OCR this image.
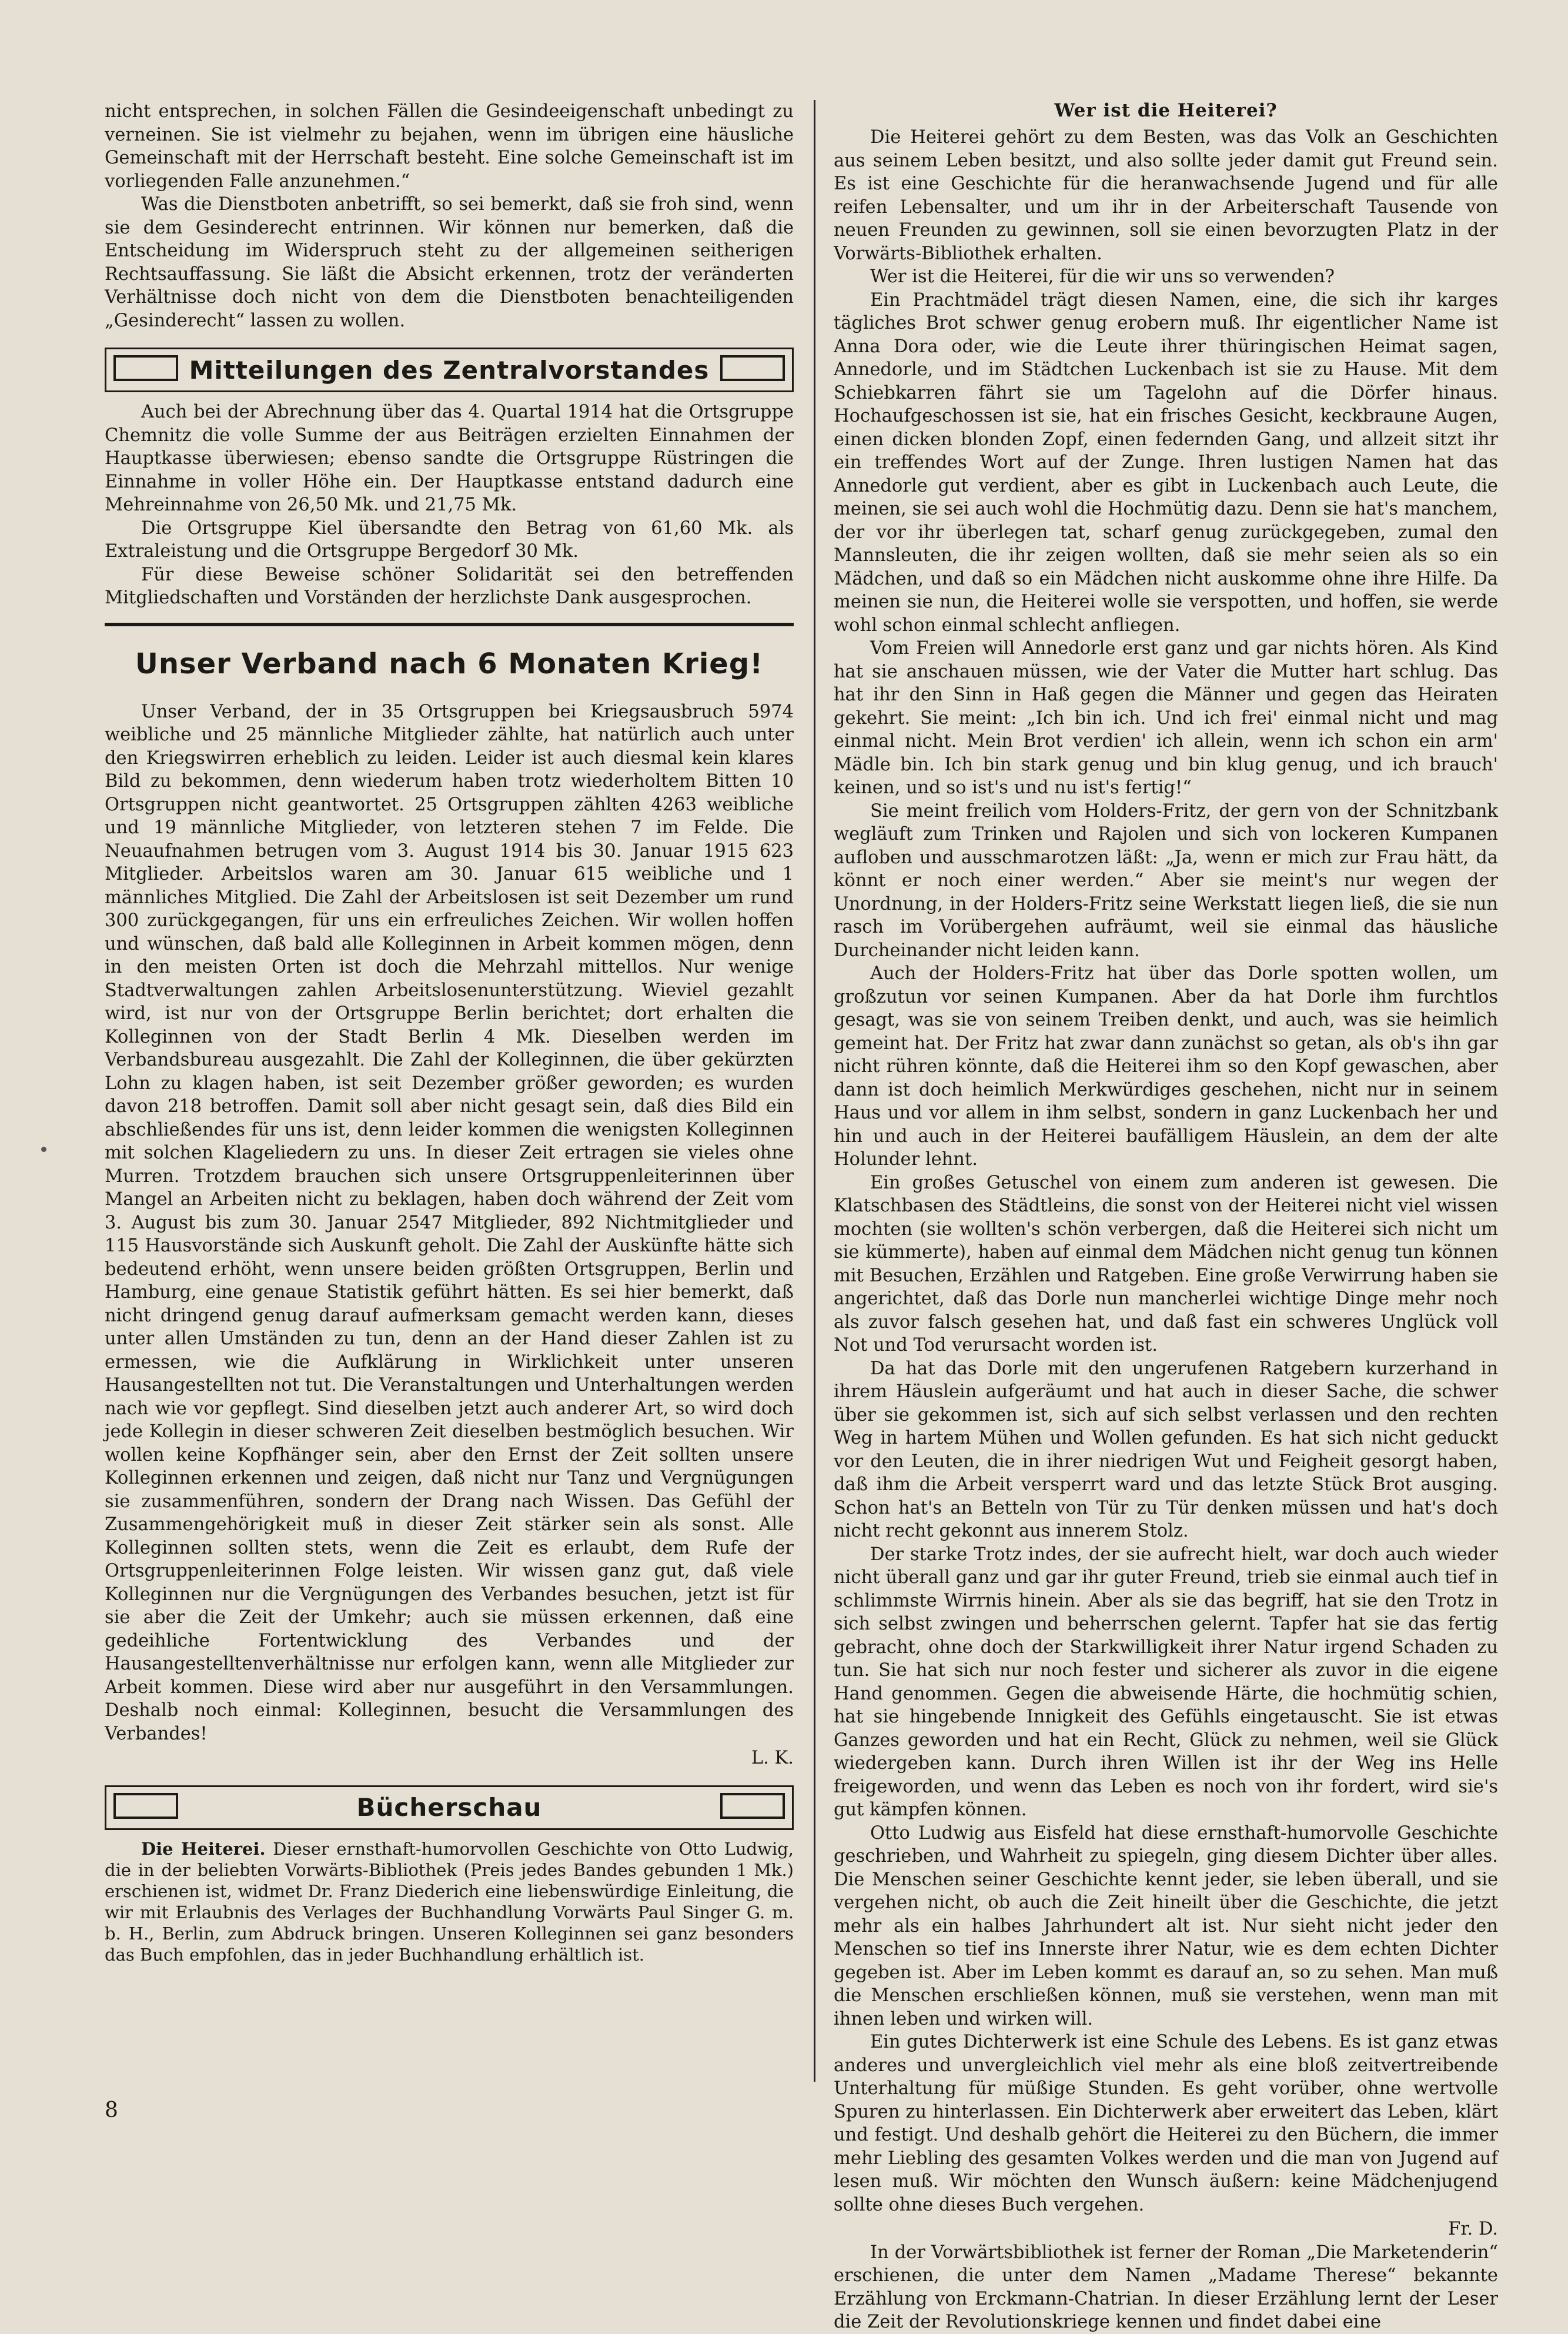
nicht entsprechen, in solchen Fällen die Gesindeeigenschaft unbedingt zu verneinen. Sie ist vielmehr zu bejahen, wenn im übrigen eine häusliche Gemeinschaft mit der Herrschaft besteht. Eine solche Gemeinschaft ist im vorliegenden Falle anzunehmen.“

Was die Dienstboten anbetrifft, so sei bemerkt, daß sie froh sind, wenn sie dem Gesinderecht entrinnen. Wir können nur bemerken, daß die Entscheidung im Widerspruch steht zu der allgemeinen seitherigen Rechtsauffassung. Sie läßt die Absicht erkennen, trotz der veränderten Verhältnisse doch nicht von dem die Dienstboten benachteiligenden „Gesinderecht“ lassen zu wollen.

Mitteilungen des Zentralvorstandes

Auch bei der Abrechnung über das 4. Quartal 1914 hat die Ortsgruppe Chemnitz die volle Summe der aus Beiträgen erzielten Einnahmen der Hauptkasse überwiesen; ebenso sandte die Ortsgruppe Rüstringen die Einnahme in voller Höhe ein. Der Hauptkasse entstand dadurch eine Mehreinnahme von 26,50 Mk. und 21,75 Mk.

Die Ortsgruppe Kiel übersandte den Betrag von 61,60 Mk. als Extraleistung und die Ortsgruppe Bergedorf 30 Mk.

Für diese Beweise schöner Solidarität sei den betreffenden Mitgliedschaften und Vorständen der herzlichste Dank ausgesprochen.

Unser Verband nach 6 Monaten Krieg!

Unser Verband, der in 35 Ortsgruppen bei Kriegsausbruch 5974 weibliche und 25 männliche Mitglieder zählte, hat natürlich auch unter den Kriegswirren erheblich zu leiden. Leider ist auch diesmal kein klares Bild zu bekommen, denn wiederum haben trotz wiederholtem Bitten 10 Ortsgruppen nicht geantwortet. 25 Ortsgruppen zählten 4263 weibliche und 19 männliche Mitglieder, von letzteren stehen 7 im Felde. Die Neuaufnahmen betrugen vom 3. August 1914 bis 30. Januar 1915 623 Mitglieder. Arbeitslos waren am 30. Januar 615 weibliche und 1 männliches Mitglied. Die Zahl der Arbeitslosen ist seit Dezember um rund 300 zurückgegangen, für uns ein erfreuliches Zeichen. Wir wollen hoffen und wünschen, daß bald alle Kolleginnen in Arbeit kommen mögen, denn in den meisten Orten ist doch die Mehrzahl mittellos. Nur wenige Stadtverwaltungen zahlen Arbeitslosenunterstützung. Wieviel gezahlt wird, ist nur von der Ortsgruppe Berlin berichtet; dort erhalten die Kolleginnen von der Stadt Berlin 4 Mk. Dieselben werden im Verbandsbureau ausgezahlt. Die Zahl der Kolleginnen, die über gekürzten Lohn zu klagen haben, ist seit Dezember größer geworden; es wurden davon 218 betroffen. Damit soll aber nicht gesagt sein, daß dies Bild ein abschließendes für uns ist, denn leider kommen die wenigsten Kolleginnen mit solchen Klageliedern zu uns. In dieser Zeit ertragen sie vieles ohne Murren. Trotzdem brauchen sich unsere Ortsgruppenleiterinnen über Mangel an Arbeiten nicht zu beklagen, haben doch während der Zeit vom 3. August bis zum 30. Januar 2547 Mitglieder, 892 Nichtmitglieder und 115 Hausvorstände sich Auskunft geholt. Die Zahl der Auskünfte hätte sich bedeutend erhöht, wenn unsere beiden größten Ortsgruppen, Berlin und Hamburg, eine genaue Statistik geführt hätten. Es sei hier bemerkt, daß nicht dringend genug darauf aufmerksam gemacht werden kann, dieses unter allen Umständen zu tun, denn an der Hand dieser Zahlen ist zu ermessen, wie die Aufklärung in Wirklichkeit unter unseren Hausangestellten not tut. Die Veranstaltungen und Unterhaltungen werden nach wie vor gepflegt. Sind dieselben jetzt auch anderer Art, so wird doch jede Kollegin in dieser schweren Zeit dieselben bestmöglich besuchen. Wir wollen keine Kopfhänger sein, aber den Ernst der Zeit sollten unsere Kolleginnen erkennen und zeigen, daß nicht nur Tanz und Vergnügungen sie zusammenführen, sondern der Drang nach Wissen. Das Gefühl der Zusammengehörigkeit muß in dieser Zeit stärker sein als sonst. Alle Kolleginnen sollten stets, wenn die Zeit es erlaubt, dem Rufe der Ortsgruppenleiterinnen Folge leisten. Wir wissen ganz gut, daß viele Kolleginnen nur die Vergnügungen des Verbandes besuchen, jetzt ist für sie aber die Zeit der Umkehr; auch sie müssen erkennen, daß eine gedeihliche Fortentwicklung des Verbandes und der Hausangestelltenverhältnisse nur erfolgen kann, wenn alle Mitglieder zur Arbeit kommen. Diese wird aber nur ausgeführt in den Versammlungen. Deshalb noch einmal: Kolleginnen, besucht die Versammlungen des Verbandes!

L. K.

Bücherschau

Die Heiterei. Dieser ernsthaft-humorvollen Geschichte von Otto Ludwig, die in der beliebten Vorwärts-Bibliothek (Preis jedes Bandes gebunden 1 Mk.) erschienen ist, widmet Dr. Franz Diederich eine liebenswürdige Einleitung, die wir mit Erlaubnis des Verlages der Buchhandlung Vorwärts Paul Singer G. m. b. H., Berlin, zum Abdruck bringen. Unseren Kolleginnen sei ganz besonders das Buch empfohlen, das in jeder Buchhandlung erhältlich ist.

Wer ist die Heiterei?

Die Heiterei gehört zu dem Besten, was das Volk an Geschichten aus seinem Leben besitzt, und also sollte jeder damit gut Freund sein. Es ist eine Geschichte für die heranwachsende Jugend und für alle reifen Lebensalter, und um ihr in der Arbeiterschaft Tausende von neuen Freunden zu gewinnen, soll sie einen bevorzugten Platz in der Vorwärts-Bibliothek erhalten.

Wer ist die Heiterei, für die wir uns so verwenden?

Ein Prachtmädel trägt diesen Namen, eine, die sich ihr karges tägliches Brot schwer genug erobern muß. Ihr eigentlicher Name ist Anna Dora oder, wie die Leute ihrer thüringischen Heimat sagen, Annedorle, und im Städtchen Luckenbach ist sie zu Hause. Mit dem Schiebkarren fährt sie um Tagelohn auf die Dörfer hinaus. Hochaufgeschossen ist sie, hat ein frisches Gesicht, keckbraune Augen, einen dicken blonden Zopf, einen federnden Gang, und allzeit sitzt ihr ein treffendes Wort auf der Zunge. Ihren lustigen Namen hat das Annedorle gut verdient, aber es gibt in Luckenbach auch Leute, die meinen, sie sei auch wohl die Hochmütig dazu. Denn sie hat's manchem, der vor ihr überlegen tat, scharf genug zurückgegeben, zumal den Mannsleuten, die ihr zeigen wollten, daß sie mehr seien als so ein Mädchen, und daß so ein Mädchen nicht auskomme ohne ihre Hilfe. Da meinen sie nun, die Heiterei wolle sie verspotten, und hoffen, sie werde wohl schon einmal schlecht anfliegen.

Vom Freien will Annedorle erst ganz und gar nichts hören. Als Kind hat sie anschauen müssen, wie der Vater die Mutter hart schlug. Das hat ihr den Sinn in Haß gegen die Männer und gegen das Heiraten gekehrt. Sie meint: „Ich bin ich. Und ich frei' einmal nicht und mag einmal nicht. Mein Brot verdien' ich allein, wenn ich schon ein arm' Mädle bin. Ich bin stark genug und bin klug genug, und ich brauch' keinen, und so ist's und nu ist's fertig!“

Sie meint freilich vom Holders-Fritz, der gern von der Schnitzbank wegläuft zum Trinken und Rajolen und sich von lockeren Kumpanen aufloben und ausschmarotzen läßt: „Ja, wenn er mich zur Frau hätt, da könnt er noch einer werden.“ Aber sie meint's nur wegen der Unordnung, in der Holders-Fritz seine Werkstatt liegen ließ, die sie nun rasch im Vorübergehen aufräumt, weil sie einmal das häusliche Durcheinander nicht leiden kann.

Auch der Holders-Fritz hat über das Dorle spotten wollen, um großzutun vor seinen Kumpanen. Aber da hat Dorle ihm furchtlos gesagt, was sie von seinem Treiben denkt, und auch, was sie heimlich gemeint hat. Der Fritz hat zwar dann zunächst so getan, als ob's ihn gar nicht rühren könnte, daß die Heiterei ihm so den Kopf gewaschen, aber dann ist doch heimlich Merkwürdiges geschehen, nicht nur in seinem Haus und vor allem in ihm selbst, sondern in ganz Luckenbach her und hin und auch in der Heiterei baufälligem Häuslein, an dem der alte Holunder lehnt.

Ein großes Getuschel von einem zum anderen ist gewesen. Die Klatschbasen des Städtleins, die sonst von der Heiterei nicht viel wissen mochten (sie wollten's schön verbergen, daß die Heiterei sich nicht um sie kümmerte), haben auf einmal dem Mädchen nicht genug tun können mit Besuchen, Erzählen und Ratgeben. Eine große Verwirrung haben sie angerichtet, daß das Dorle nun mancherlei wichtige Dinge mehr noch als zuvor falsch gesehen hat, und daß fast ein schweres Unglück voll Not und Tod verursacht worden ist.

Da hat das Dorle mit den ungerufenen Ratgebern kurzerhand in ihrem Häuslein aufgeräumt und hat auch in dieser Sache, die schwer über sie gekommen ist, sich auf sich selbst verlassen und den rechten Weg in hartem Mühen und Wollen gefunden. Es hat sich nicht geduckt vor den Leuten, die in ihrer niedrigen Wut und Feigheit gesorgt haben, daß ihm die Arbeit versperrt ward und das letzte Stück Brot ausging. Schon hat's an Betteln von Tür zu Tür denken müssen und hat's doch nicht recht gekonnt aus innerem Stolz.

Der starke Trotz indes, der sie aufrecht hielt, war doch auch wieder nicht überall ganz und gar ihr guter Freund, trieb sie einmal auch tief in schlimmste Wirrnis hinein. Aber als sie das begriff, hat sie den Trotz in sich selbst zwingen und beherrschen gelernt. Tapfer hat sie das fertig gebracht, ohne doch der Starkwilligkeit ihrer Natur irgend Schaden zu tun. Sie hat sich nur noch fester und sicherer als zuvor in die eigene Hand genommen. Gegen die abweisende Härte, die hochmütig schien, hat sie hingebende Innigkeit des Gefühls eingetauscht. Sie ist etwas Ganzes geworden und hat ein Recht, Glück zu nehmen, weil sie Glück wiedergeben kann. Durch ihren Willen ist ihr der Weg ins Helle freigeworden, und wenn das Leben es noch von ihr fordert, wird sie's gut kämpfen können.

Otto Ludwig aus Eisfeld hat diese ernsthaft-humorvolle Geschichte geschrieben, und Wahrheit zu spiegeln, ging diesem Dichter über alles. Die Menschen seiner Geschichte kennt jeder, sie leben überall, und sie vergehen nicht, ob auch die Zeit hineilt über die Geschichte, die jetzt mehr als ein halbes Jahrhundert alt ist. Nur sieht nicht jeder den Menschen so tief ins Innerste ihrer Natur, wie es dem echten Dichter gegeben ist. Aber im Leben kommt es darauf an, so zu sehen. Man muß die Menschen erschließen können, muß sie verstehen, wenn man mit ihnen leben und wirken will.

Ein gutes Dichterwerk ist eine Schule des Lebens. Es ist ganz etwas anderes und unvergleichlich viel mehr als eine bloß zeitvertreibende Unterhaltung für müßige Stunden. Es geht vorüber, ohne wertvolle Spuren zu hinterlassen. Ein Dichterwerk aber erweitert das Leben, klärt und festigt. Und deshalb gehört die Heiterei zu den Büchern, die immer mehr Liebling des gesamten Volkes werden und die man von Jugend auf lesen muß. Wir möchten den Wunsch äußern: keine Mädchenjugend sollte ohne dieses Buch vergehen.

Fr. D.

In der Vorwärtsbibliothek ist ferner der Roman „Die Marketenderin“ erschienen, die unter dem Namen „Madame Therese“ bekannte Erzählung von Erckmann-Chatrian. In dieser Erzählung lernt der Leser die Zeit der Revolutionskriege kennen und findet dabei eine

8
